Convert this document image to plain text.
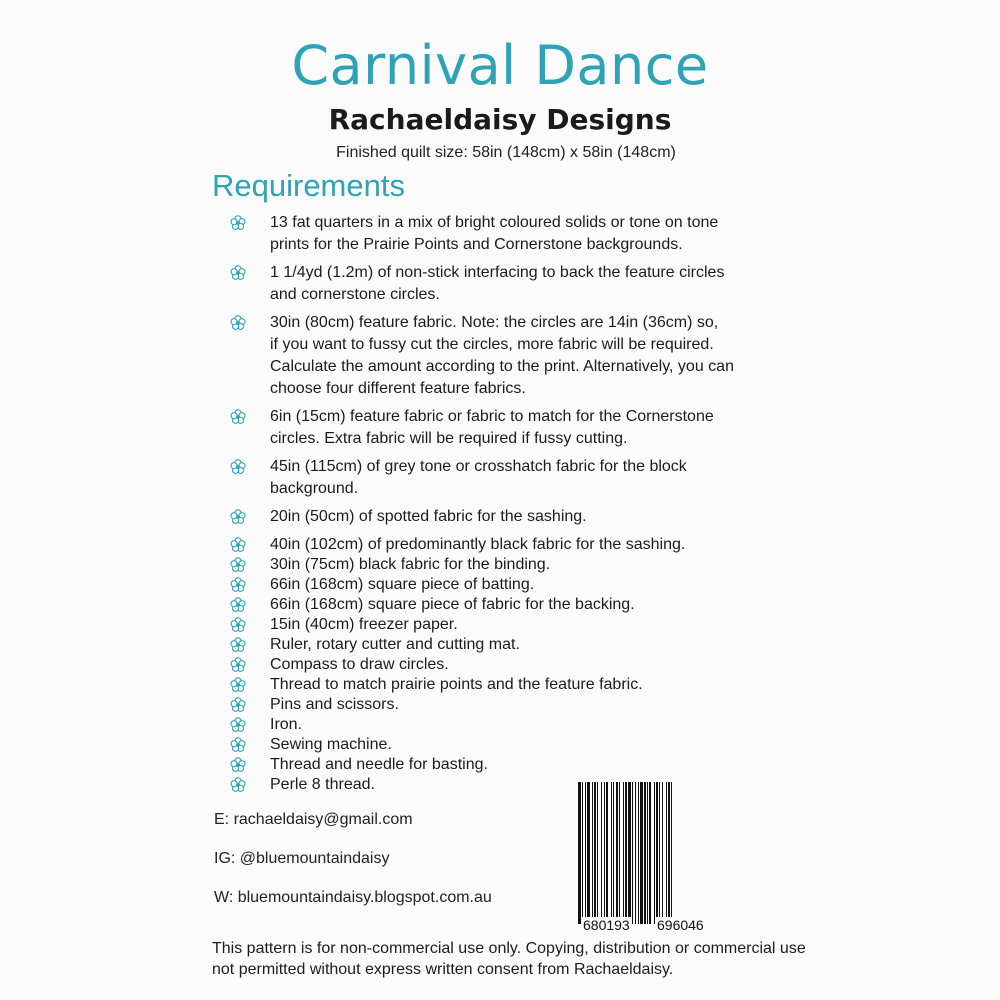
Carnival Dance
Rachaeldaisy Designs
Finished quilt size: 58in (148cm) x 58in (148cm)
Requirements
13 fat quarters in a mix of bright coloured solids or tone on tone
prints for the Prairie Points and Cornerstone backgrounds.
1 1/4yd (1.2m) of non-stick interfacing to back the feature circles
and cornerstone circles.
30in (80cm) feature fabric. Note: the circles are 14in (36cm) so,
if you want to fussy cut the circles, more fabric will be required.
Calculate the amount according to the print. Alternatively, you can
choose four different feature fabrics.
6in (15cm) feature fabric or fabric to match for the Cornerstone
circles. Extra fabric will be required if fussy cutting.
45in (115cm) of grey tone or crosshatch fabric for the block
background.
20in (50cm) of spotted fabric for the sashing.
40in (102cm) of predominantly black fabric for the sashing.
30in (75cm) black fabric for the binding.
66in (168cm) square piece of batting.
66in (168cm) square piece of fabric for the backing.
15in (40cm) freezer paper.
Ruler, rotary cutter and cutting mat.
Compass to draw circles.
Thread to match prairie points and the feature fabric.
Pins and scissors.
Iron.
Sewing machine.
Thread and needle for basting.
Perle 8 thread.
E: rachaeldaisy@gmail.com
IG: @bluemountaindaisy
W: bluemountaindaisy.blogspot.com.au
680193 696046
This pattern is for non-commercial use only. Copying, distribution or commercial use not permitted without express written consent from Rachaeldaisy.
